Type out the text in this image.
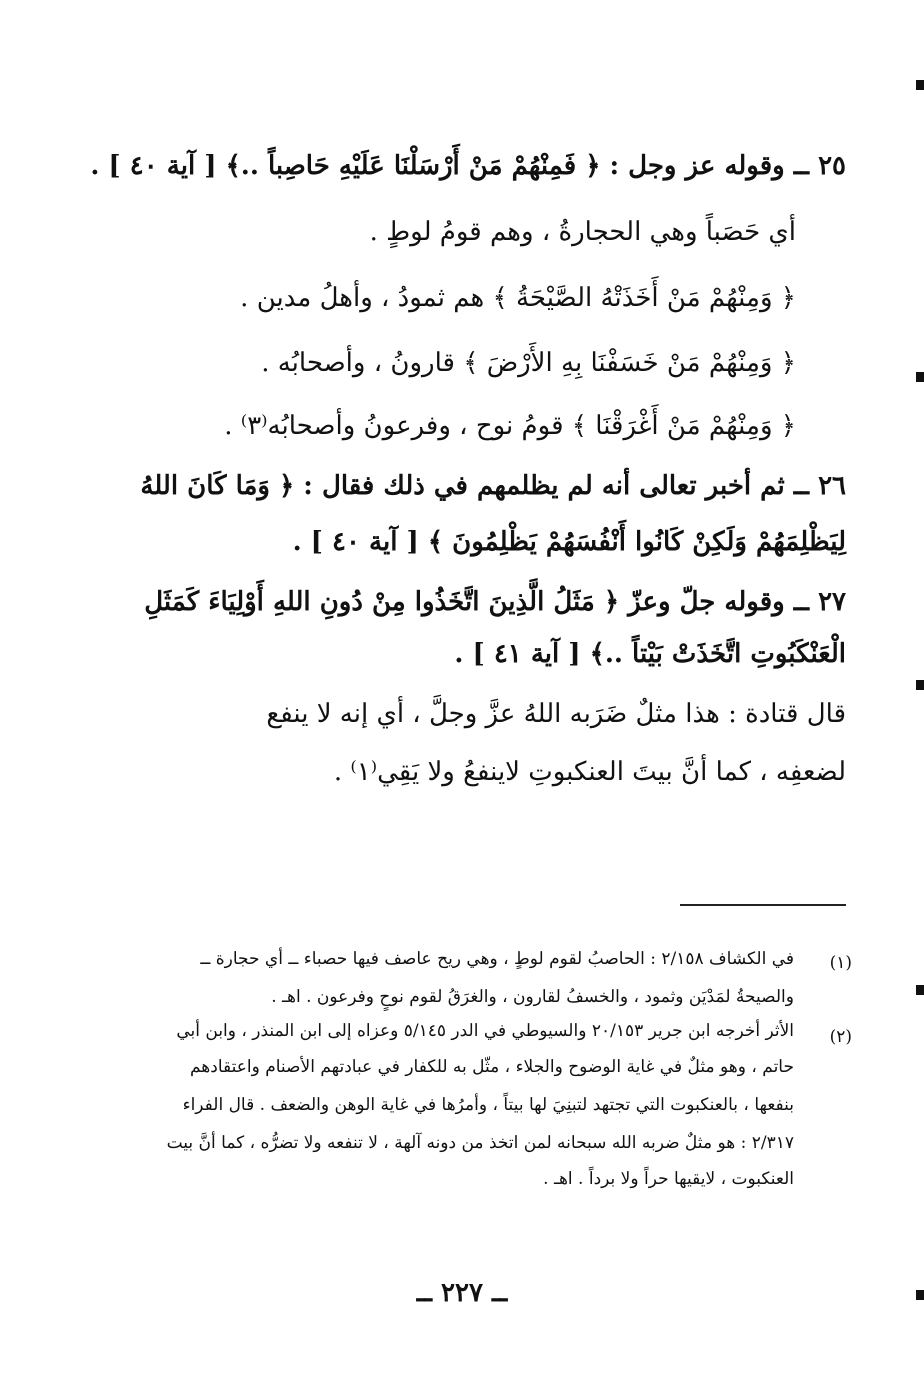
٢٥ ــ وقوله عز وجل : ﴿ فَمِنْهُمْ مَنْ أَرْسَلْنَا عَلَيْهِ حَاصِباً ..﴾ [ آية ٤٠ ] .
أي حَصَباً وهي الحجارةُ ، وهم قومُ لوطٍ .
﴿ وَمِنْهُمْ مَنْ أَخَذَتْهُ الصَّيْحَةُ ﴾ هم ثمودُ ، وأهلُ مدين .
﴿ وَمِنْهُمْ مَنْ خَسَفْنَا بِهِ الأَرْضَ ﴾ قارونُ ، وأصحابُه .
﴿ وَمِنْهُمْ مَنْ أَغْرَقْنَا ﴾ قومُ نوح ، وفرعونُ وأصحابُه⁽٣⁾ .
٢٦ ــ ثم أخبر تعالى أنه لم يظلمهم في ذلك فقال : ﴿ وَمَا كَانَ اللهُ
لِيَظْلِمَهُمْ وَلَكِنْ كَانُوا أَنْفُسَهُمْ يَظْلِمُونَ ﴾ [ آية ٤٠ ] .
٢٧ ــ وقوله جلّ وعزّ ﴿ مَثَلُ الَّذِينَ اتَّخَذُوا مِنْ دُونِ اللهِ أَوْلِيَاءَ كَمَثَلِ
الْعَنْكَبُوتِ اتَّخَذَتْ بَيْتاً ..﴾ [ آية ٤١ ] .
قال قتادة : هذا مثلٌ ضَرَبه اللهُ عزَّ وجلَّ ، أي إنه لا ينفع
لضعفِه ، كما أنَّ بيتَ العنكبوتِ لاينفعُ ولا يَقِي⁽١⁾ .
(١)
في الكشاف ٢/١٥٨ : الحاصبُ لقوم لوطٍ ، وهي ريح عاصف فيها حصباء ــ أي حجارة ــ
والصيحةُ لمَدْيَن وثمود ، والخسفُ لقارون ، والغرَقُ لقوم نوحٍ وفرعون . اهـ .
(٢)
الأثر أخرجه ابن جرير ٢٠/١٥٣ والسيوطي في الدر ٥/١٤٥ وعزاه إلى ابن المنذر ، وابن أبي
حاتم ، وهو مثلٌ في غاية الوضوح والجلاء ، مثّل به للكفار في عبادتهم الأصنام واعتقادهم
بنفعها ، بالعنكبوت التي تجتهد لتبنِيَ لها بيتاً ، وأمرُها في غاية الوهن والضعف . قال الفراء
٢/٣١٧ : هو مثلٌ ضربه الله سبحانه لمن اتخذ من دونه آلهة ، لا تنفعه ولا تضرُّه ، كما أنَّ بيت
العنكبوت ، لايقيها حراً ولا برداً . اهـ .
ــ ٢٢٧ ــ
